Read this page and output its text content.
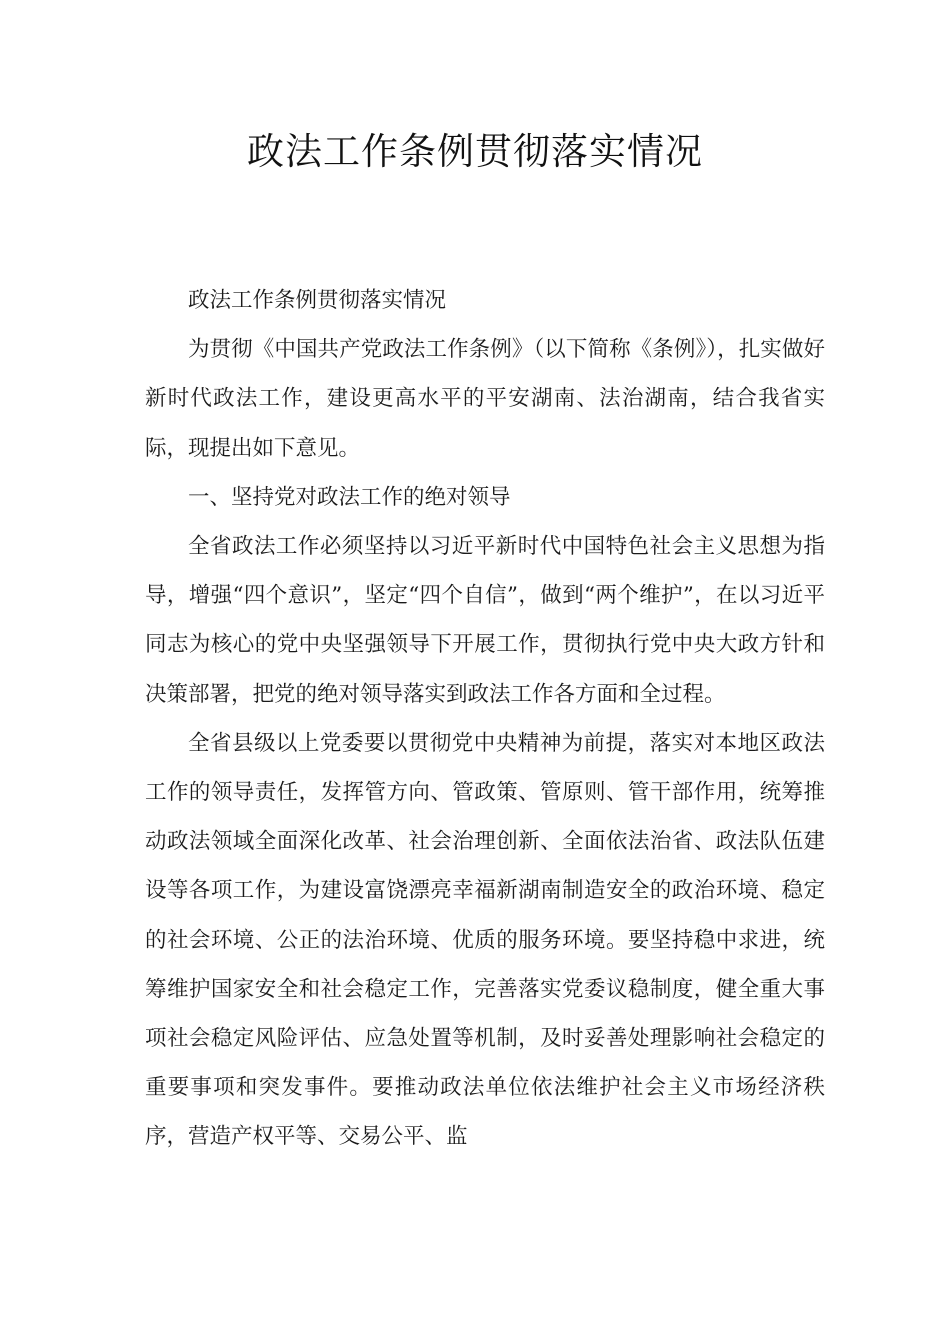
政法工作条例贯彻落实情况

政法工作条例贯彻落实情况

为贯彻《中国共产党政法工作条例》（以下简称《条例》），扎实做好新时代政法工作，建设更高水平的平安湖南、法治湖南，结合我省实际，现提出如下意见。

一、坚持党对政法工作的绝对领导

全省政法工作必须坚持以习近平新时代中国特色社会主义思想为指导，增强“四个意识”，坚定“四个自信”，做到“两个维护”，在以习近平同志为核心的党中央坚强领导下开展工作，贯彻执行党中央大政方针和决策部署，把党的绝对领导落实到政法工作各方面和全过程。

全省县级以上党委要以贯彻党中央精神为前提，落实对本地区政法工作的领导责任，发挥管方向、管政策、管原则、管干部作用，统筹推动政法领域全面深化改革、社会治理创新、全面依法治省、政法队伍建设等各项工作，为建设富饶漂亮幸福新湖南制造安全的政治环境、稳定的社会环境、公正的法治环境、优质的服务环境。要坚持稳中求进，统筹维护国家安全和社会稳定工作，完善落实党委议稳制度，健全重大事项社会稳定风险评估、应急处置等机制，及时妥善处理影响社会稳定的重要事项和突发事件。要推动政法单位依法维护社会主义市场经济秩序，营造产权平等、交易公平、监
